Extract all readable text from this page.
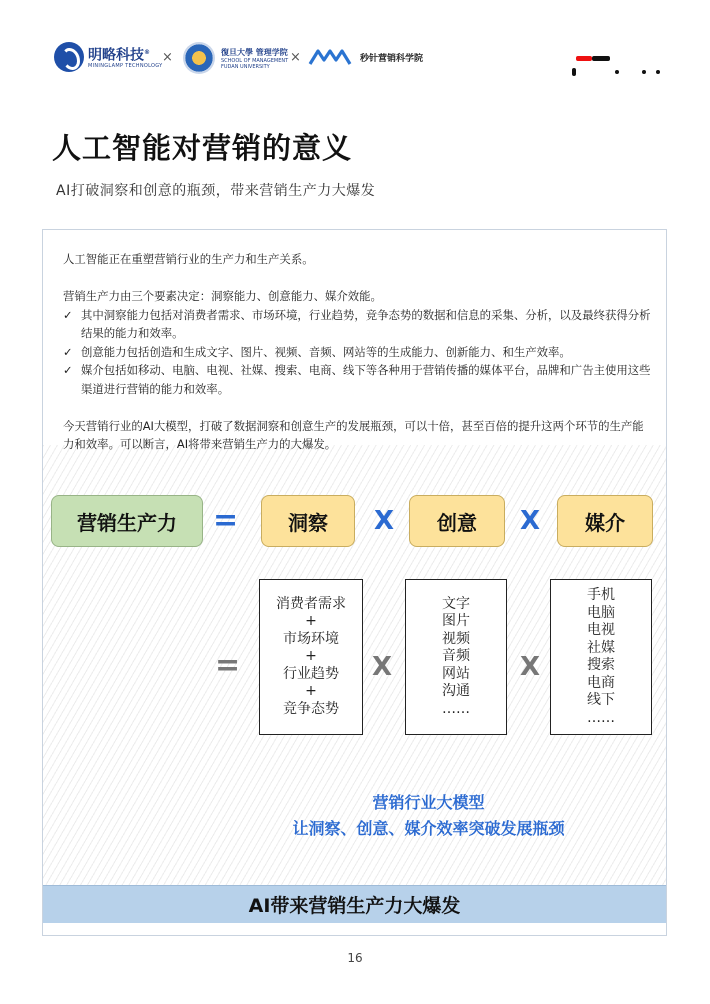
明略科技®
MININGLAMP TECHNOLOGY
×	復旦大學 管理学院
SCHOOL OF MANAGEMENT
FUDAN UNIVERSITY
×	秒针营销科学院
人工智能对营销的意义
AI打破洞察和创意的瓶颈，带来营销生产力大爆发

人工智能正在重塑营销行业的生产力和生产关系。

营销生产力由三个要素决定：洞察能力、创意能力、媒介效能。

✓ 其中洞察能力包括对消费者需求、市场环境，行业趋势，竞争态势的数据和信息的采集、分析，以及最终获得分析结果的能力和效率。
✓ 创意能力包括创造和生成文字、图片、视频、音频、网站等的生成能力、创新能力、和生产效率。
✓ 媒介包括如移动、电脑、电视、社媒、搜索、电商、线下等各种用于营销传播的媒体平台，品牌和广告主使用这些渠道进行营销的能力和效率。

今天营销行业的AI大模型，打破了数据洞察和创意生产的发展瓶颈，可以十倍，甚至百倍的提升这两个环节的生产能力和效率。可以断言，AI将带来营销生产力的大爆发。

营销生产力	=	洞察	X	创意	X	媒介
=
消费者需求
+
市场环境
+
行业趋势
+
竞争态势
X
文字
图片
视频
音频
网站
沟通
……
X
手机
电脑
电视
社媒
搜索
电商
线下
……
营销行业大模型
让洞察、创意、媒介效率突破发展瓶颈
AI带来营销生产力大爆发
16
